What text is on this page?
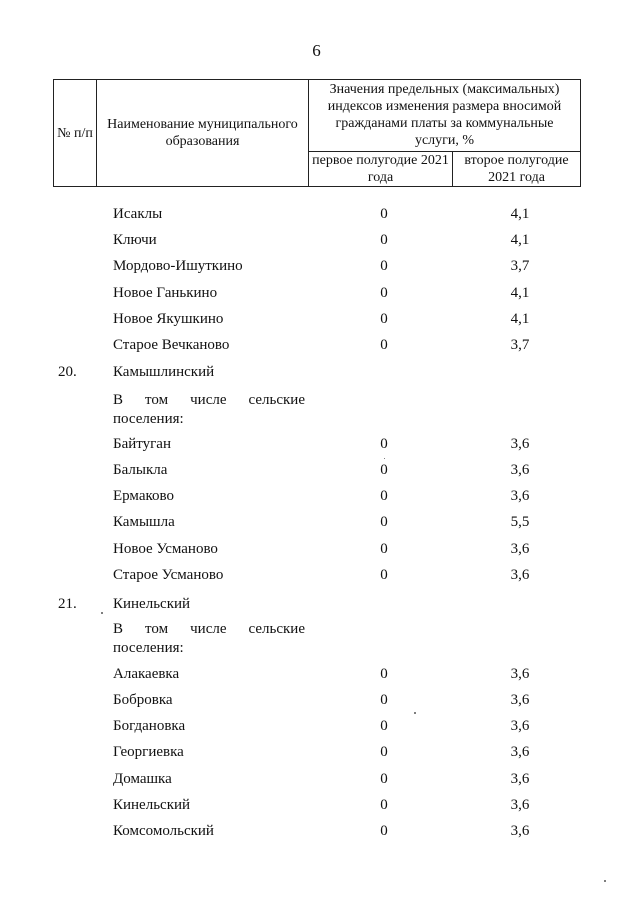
6
№ п/п	Наименование муниципального образования	Значения предельных (максимальных) индексов изменения размера вносимой гражданами платы за коммунальные услуги, %	
		первое полугодие 2021 года	второе полугодие 2021 года
Исаклы	0	4,1
Ключи	0	4,1
Мордово-Ишуткино	0	3,7
Новое Ганькино	0	4,1
Новое Якушкино	0	4,1
Старое Вечканово	0	3,7
20. Камышлинский
В том числе сельские
поселения:
Байтуган	0	3,6
Балыкла	0	3,6
Ермаково	0	3,6
Камышла	0	5,5
Новое Усманово	0	3,6
Старое Усманово	0	3,6
21. Кинельский
В том числе сельские
поселения:
Алакаевка	0	3,6
Бобровка	0	3,6
Богдановка	0	3,6
Георгиевка	0	3,6
Домашка	0	3,6
Кинельский	0	3,6
Комсомольский	0	3,6
